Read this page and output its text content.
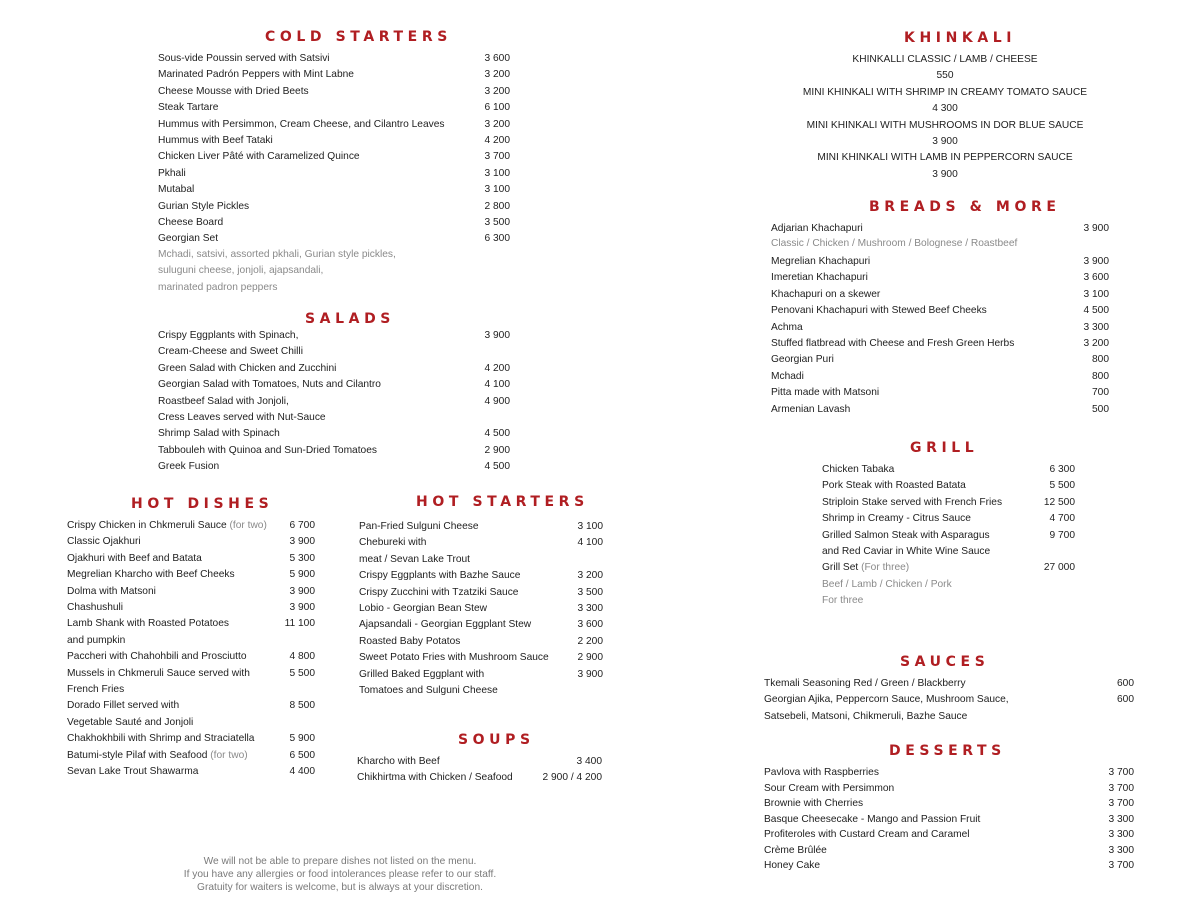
COLD STARTERS
SALADS
HOT DISHES	HOT STARTERS
SOUPS
We will not be able to prepare dishes not listed on the menu.
If you have any allergies or food intolerances please refer to our staff.
Gratuity for waiters is welcome, but is always at your discretion.
KHINKALI
BREADS & MORE
Adjarian Khachapuri	3 900
Classic / Chicken / Mushroom / Bolognese / Roastbeef
GRILL
SAUCES
DESSERTS
Sous-vide Poussin served with Satsivi	3 600
Marinated Padrón Peppers with Mint Labne	3 200
Cheese Mousse with Dried Beets	3 200
Steak Tartare	6 100
Hummus with Persimmon, Cream Cheese, and Cilantro Leaves	3 200
Hummus with Beef Tataki	4 200
Chicken Liver Pâté with Caramelized Quince	3 700
Pkhali	3 100
Mutabal	3 100
Gurian Style Pickles	2 800
Cheese Board	3 500
Georgian Set	6 300
Crispy Eggplants with Spinach,	3 900
Cream-Cheese and Sweet Chilli
Green Salad with Chicken and Zucchini	4 200
Georgian Salad with Tomatoes, Nuts and Cilantro	4 100
Roastbeef Salad with Jonjoli,	4 900
Cress Leaves served with Nut-Sauce
Shrimp Salad with Spinach	4 500
Tabbouleh with Quinoa and Sun-Dried Tomatoes	2 900
Greek Fusion	4 500
Crispy Chicken in Chkmeruli Sauce (for two) 6 700
Classic Ojakhuri	3 900
Ojakhuri with Beef and Batata	5 300
Megrelian Kharcho with Beef Cheeks	5 900
Dolma with Matsoni	3 900
Chashushuli	3 900
Lamb Shank with Roasted Potatoes	11 100
and pumpkin
Paccheri with Chahohbili and Prosciutto	4 800
Mussels in Chkmeruli Sauce served with	5 500
French Fries
Dorado Fillet served with	8 500
Vegetable Sauté and Jonjoli
Chakhokhbili with Shrimp and Straciatella	5 900
Batumi-style Pilaf with Seafood (for two)	6 500
Sevan Lake Trout Shawarma	4 400
Pan-Fried Sulguni Cheese	3 100
Chebureki with	4 100
meat / Sevan Lake Trout
Crispy Eggplants with Bazhe Sauce	3 200
Crispy Zucchini with Tzatziki Sauce	3 500
Lobio - Georgian Bean Stew	3 300
Ajapsandali - Georgian Eggplant Stew	3 600
Roasted Baby Potatos	2 200
Sweet Potato Fries with Mushroom Sauce	2 900
Grilled Baked Eggplant with	3 900
Tomatoes and Sulguni Cheese
Kharcho with Beef	3 400
Chikhirtma with Chicken / Seafood	2 900 / 4 200
Megrelian Khachapuri	3 900
Imeretian Khachapuri	3 600
Khachapuri on a skewer	3 100
Penovani Khachapuri with Stewed Beef Cheeks	4 500
Achma	3 300
Stuffed flatbread with Cheese and Fresh Green Herbs	3 200
Georgian Puri	800
Mchadi	800
Pitta made with Matsoni	700
Armenian Lavash	500
Chicken Tabaka	6 300
Pork Steak with Roasted Batata	5 500
Striploin Stake served with French Fries	12 500
Shrimp in Creamy - Citrus Sauce	4 700
Grilled Salmon Steak with Asparagus	9 700
and Red Caviar in White Wine Sauce
Grill Set (For three)	27 000
Tkemali Seasoning Red / Green / Blackberry	600
Georgian Ajika, Peppercorn Sauce, Mushroom Sauce,	600
Satsebeli, Matsoni, Chikmeruli, Bazhe Sauce
Pavlova with Raspberries	3 700
Sour Cream with Persimmon	3 700
Brownie with Cherries	3 700
Basque Cheesecake - Mango and Passion Fruit	3 300
Profiteroles with Custard Cream and Caramel	3 300
Crème Brûlée	3 300
Honey Cake	3 700
Mchadi, satsivi, assorted pkhali, Gurian style pickles,
suluguni cheese, jonjoli, ajapsandali,
marinated padron peppers
Beef / Lamb / Chicken / Pork
For three
KHINKALLI CLASSIC / LAMB / CHEESE
550
MINI KHINKALI WITH SHRIMP IN CREAMY TOMATO SAUCE
4 300
MINI KHINKALI WITH MUSHROOMS IN DOR BLUE SAUCE
3 900
MINI KHINKALI WITH LAMB IN PEPPERCORN SAUCE
3 900
